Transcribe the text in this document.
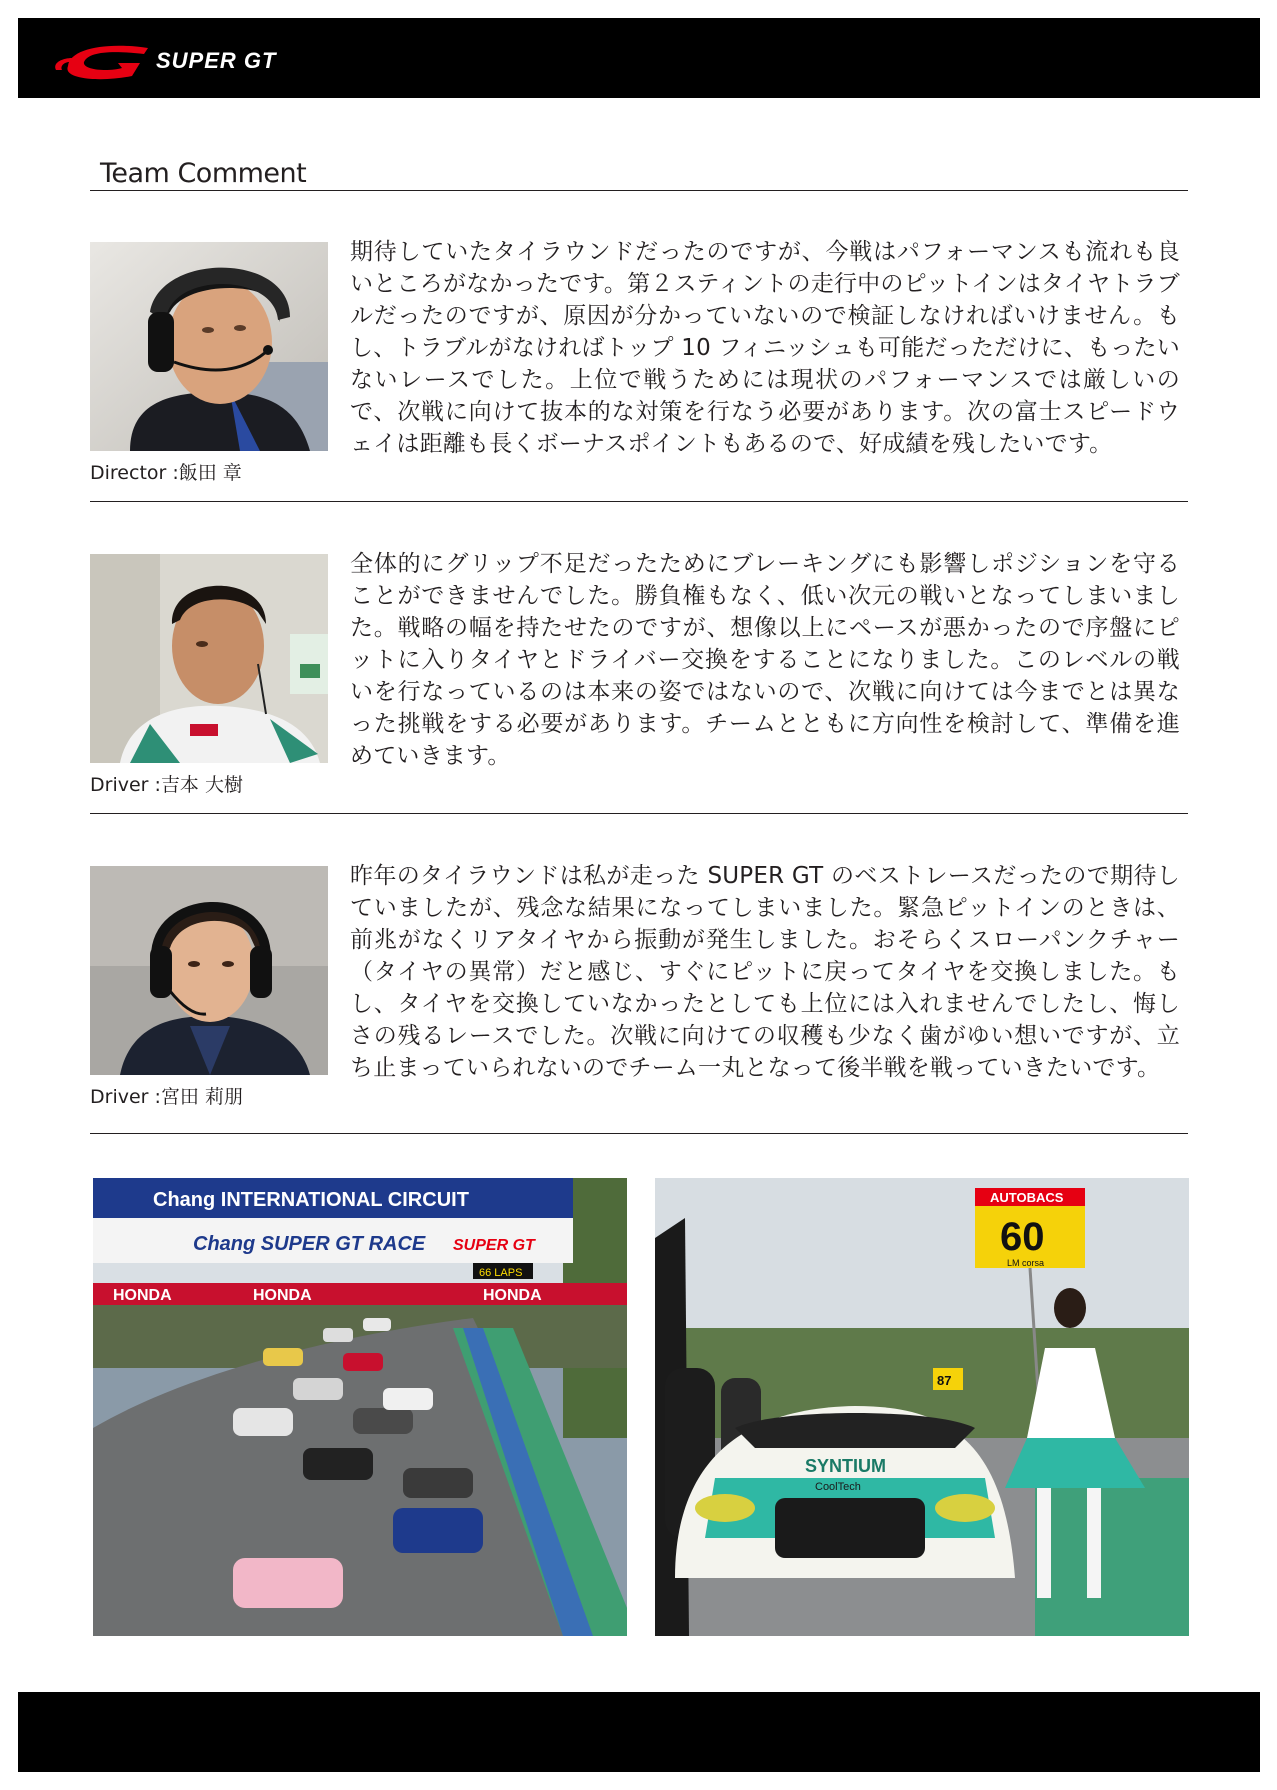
SUPER GT
Team Comment
Director :飯田 章
期待していたタイラウンドだったのですが、今戦はパフォーマンスも流れも良いところがなかったです。第２スティントの走行中のピットインはタイヤトラブルだったのですが、原因が分かっていないので検証しなければいけません。もし、トラブルがなければトップ 10 フィニッシュも可能だっただけに、もったいないレースでした。上位で戦うためには現状のパフォーマンスでは厳しいので、次戦に向けて抜本的な対策を行なう必要があります。次の富士スピードウェイは距離も長くボーナスポイントもあるので、好成績を残したいです。
Driver :吉本 大樹
全体的にグリップ不足だったためにブレーキングにも影響しポジションを守ることができませんでした。勝負権もなく、低い次元の戦いとなってしまいました。戦略の幅を持たせたのですが、想像以上にペースが悪かったので序盤にピットに入りタイヤとドライバー交換をすることになりました。このレベルの戦いを行なっているのは本来の姿ではないので、次戦に向けては今までとは異なった挑戦をする必要があります。チームとともに方向性を検討して、準備を進めていきます。
Driver :宮田 莉朋
昨年のタイラウンドは私が走った SUPER GT のベストレースだったので期待していましたが、残念な結果になってしまいました。緊急ピットインのときは、前兆がなくリアタイヤから振動が発生しました。おそらくスローパンクチャー（タイヤの異常）だと感じ、すぐにピットに戻ってタイヤを交換しました。もし、タイヤを交換していなかったとしても上位には入れませんでしたし、悔しさの残るレースでした。次戦に向けての収穫も少なく歯がゆい想いですが、立ち止まっていられないのでチーム一丸となって後半戦を戦っていきたいです。
Chang INTERNATIONAL CIRCUIT
Chang SUPER GT RACE SUPER GT
66 LAPS
HONDA	HONDA	HONDA
AUTOBACS
60
LM corsa
87
SYNTIUM
CoolTech
